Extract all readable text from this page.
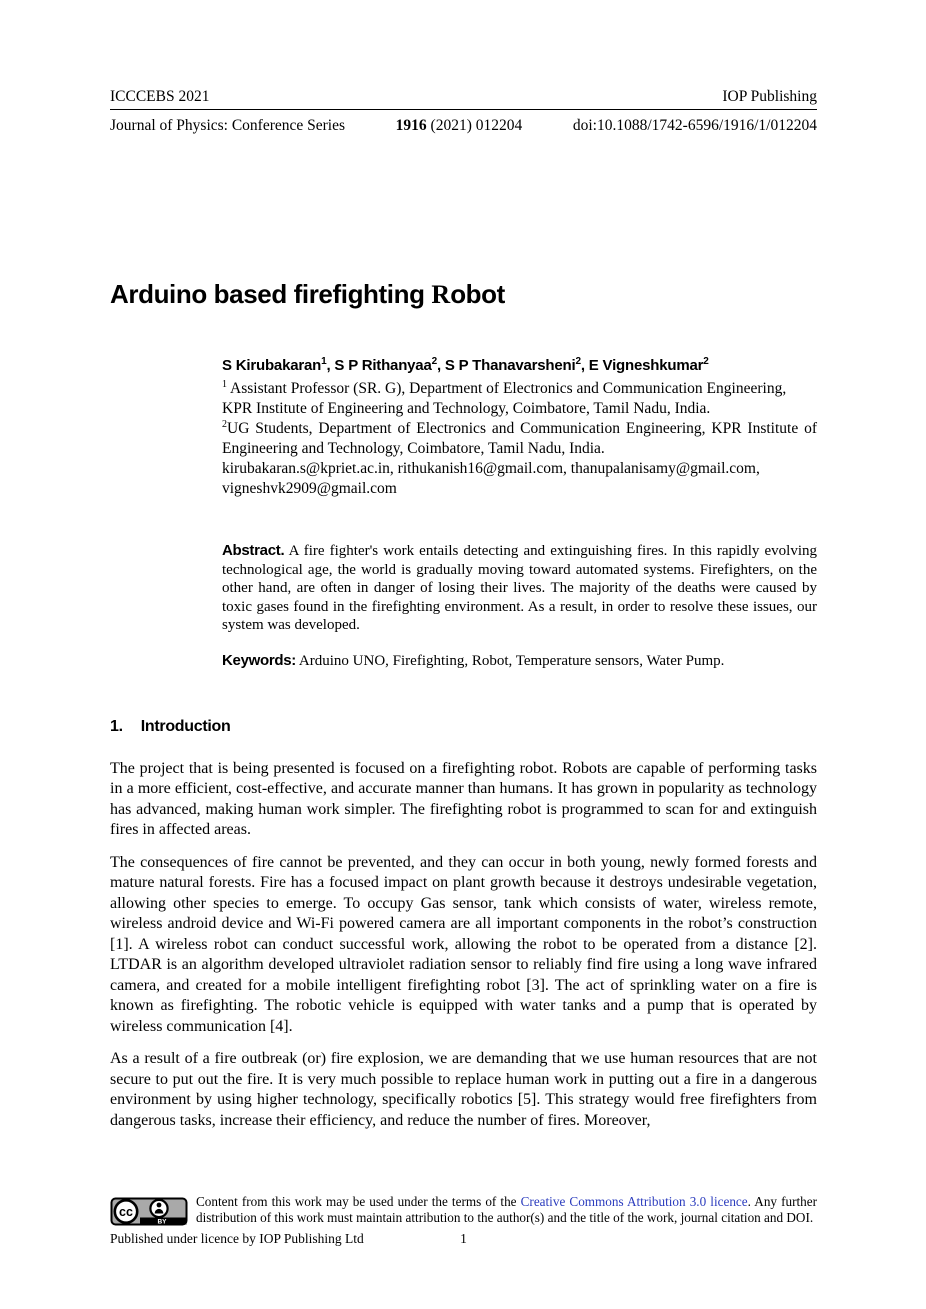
ICCCEBS 2021	IOP Publishing
Journal of Physics: Conference Series	1916 (2021) 012204	doi:10.1088/1742-6596/1916/1/012204
Arduino based firefighting Robot
S Kirubakaran$^1$, S P Rithanyaa$^2$, S P Thanavarsheni$^2$, E Vigneshkumar$^2$
$^1$ Assistant Professor (SR. G), Department of Electronics and Communication Engineering, KPR Institute of Engineering and Technology, Coimbatore, Tamil Nadu, India.
$^2$UG Students, Department of Electronics and Communication Engineering, KPR Institute of Engineering and Technology, Coimbatore, Tamil Nadu, India.
kirubakaran.s@kpriet.ac.in, rithukanish16@gmail.com, thanupalanisamy@gmail.com, vigneshvk2909@gmail.com
Abstract. A fire fighter's work entails detecting and extinguishing fires. In this rapidly evolving technological age, the world is gradually moving toward automated systems. Firefighters, on the other hand, are often in danger of losing their lives. The majority of the deaths were caused by toxic gases found in the firefighting environment. As a result, in order to resolve these issues, our system was developed.
Keywords: Arduino UNO, Firefighting, Robot, Temperature sensors, Water Pump.
1. Introduction

The project that is being presented is focused on a firefighting robot. Robots are capable of performing tasks in a more efficient, cost-effective, and accurate manner than humans. It has grown in popularity as technology has advanced, making human work simpler. The firefighting robot is programmed to scan for and extinguish fires in affected areas.

The consequences of fire cannot be prevented, and they can occur in both young, newly formed forests and mature natural forests. Fire has a focused impact on plant growth because it destroys undesirable vegetation, allowing other species to emerge. To occupy Gas sensor, tank which consists of water, wireless remote, wireless android device and Wi-Fi powered camera are all important components in the robot’s construction [1]. A wireless robot can conduct successful work, allowing the robot to be operated from a distance [2]. LTDAR is an algorithm developed ultraviolet radiation sensor to reliably find fire using a long wave infrared camera, and created for a mobile intelligent firefighting robot [3]. The act of sprinkling water on a fire is known as firefighting. The robotic vehicle is equipped with water tanks and a pump that is operated by wireless communication [4].

As a result of a fire outbreak (or) fire explosion, we are demanding that we use human resources that are not secure to put out the fire. It is very much possible to replace human work in putting out a fire in a dangerous environment by using higher technology, specifically robotics [5]. This strategy would free firefighters from dangerous tasks, increase their efficiency, and reduce the number of fires. Moreover,

cc
BY
Content from this work may be used under the terms of the Creative Commons Attribution 3.0 licence. Any further distribution of this work must maintain attribution to the author(s) and the title of the work, journal citation and DOI.
1
Published under licence by IOP Publishing Ltd
